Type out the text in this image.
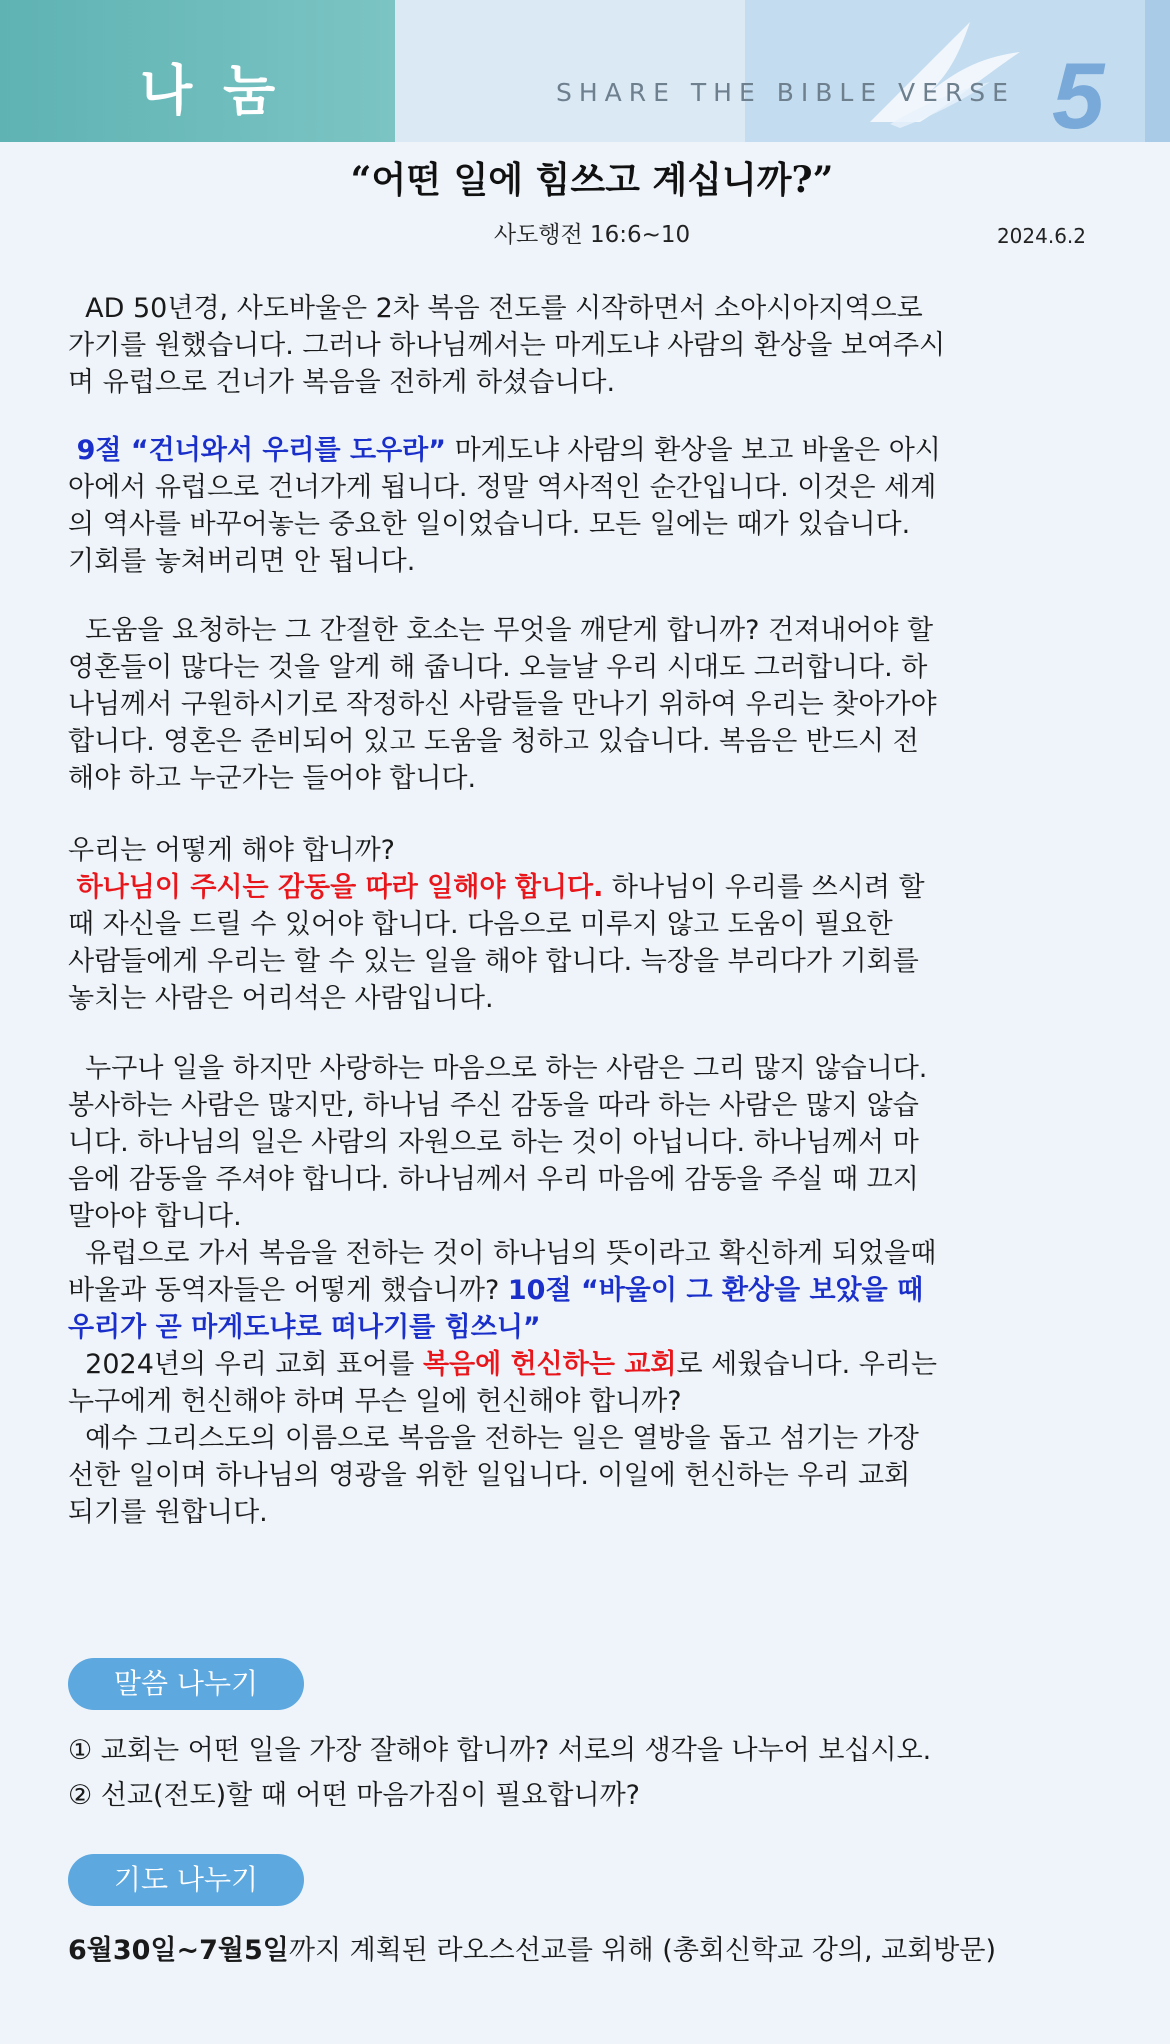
나 눔	SHARE THE BIBLE VERSE 5
“어떤 일에 힘쓰고 계십니까?”
사도행전 16:6~10	2024.6.2
AD 50년경, 사도바울은 2차 복음 전도를 시작하면서 소아시아지역으로
가기를 원했습니다. 그러나 하나님께서는 마게도냐 사람의 환상을 보여주시
며 유럽으로 건너가 복음을 전하게 하셨습니다.
9절 “건너와서 우리를 도우라” 마게도냐 사람의 환상을 보고 바울은 아시
아에서 유럽으로 건너가게 됩니다. 정말 역사적인 순간입니다. 이것은 세계
의 역사를 바꾸어놓는 중요한 일이었습니다. 모든 일에는 때가 있습니다.
기회를 놓쳐버리면 안 됩니다.
도움을 요청하는 그 간절한 호소는 무엇을 깨닫게 합니까? 건져내어야 할
영혼들이 많다는 것을 알게 해 줍니다. 오늘날 우리 시대도 그러합니다. 하
나님께서 구원하시기로 작정하신 사람들을 만나기 위하여 우리는 찾아가야
합니다. 영혼은 준비되어 있고 도움을 청하고 있습니다. 복음은 반드시 전
해야 하고 누군가는 들어야 합니다.
우리는 어떻게 해야 합니까?
하나님이 주시는 감동을 따라 일해야 합니다. 하나님이 우리를 쓰시려 할
때 자신을 드릴 수 있어야 합니다. 다음으로 미루지 않고 도움이 필요한
사람들에게 우리는 할 수 있는 일을 해야 합니다. 늑장을 부리다가 기회를
놓치는 사람은 어리석은 사람입니다.
누구나 일을 하지만 사랑하는 마음으로 하는 사람은 그리 많지 않습니다.
봉사하는 사람은 많지만, 하나님 주신 감동을 따라 하는 사람은 많지 않습
니다. 하나님의 일은 사람의 자원으로 하는 것이 아닙니다. 하나님께서 마
음에 감동을 주셔야 합니다. 하나님께서 우리 마음에 감동을 주실 때 끄지
말아야 합니다.
유럽으로 가서 복음을 전하는 것이 하나님의 뜻이라고 확신하게 되었을때
바울과 동역자들은 어떻게 했습니까? 10절 “바울이 그 환상을 보았을 때
우리가 곧 마게도냐로 떠나기를 힘쓰니”
2024년의 우리 교회 표어를 복음에 헌신하는 교회로 세웠습니다. 우리는
누구에게 헌신해야 하며 무슨 일에 헌신해야 합니까?
예수 그리스도의 이름으로 복음을 전하는 일은 열방을 돕고 섬기는 가장
선한 일이며 하나님의 영광을 위한 일입니다. 이일에 헌신하는 우리 교회
되기를 원합니다.
말씀 나누기
① 교회는 어떤 일을 가장 잘해야 합니까? 서로의 생각을 나누어 보십시오.
② 선교(전도)할 때 어떤 마음가짐이 필요합니까?
기도 나누기
6월30일~7월5일까지 계획된 라오스선교를 위해 (총회신학교 강의, 교회방문)
